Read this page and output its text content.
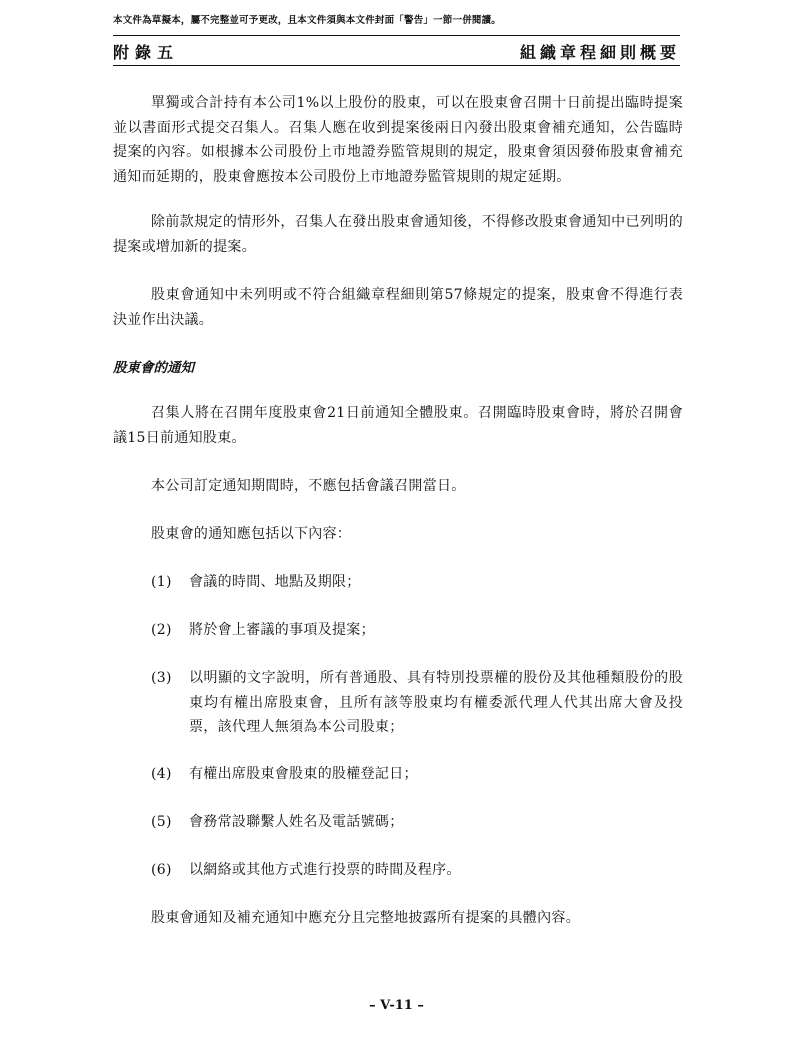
本文件為草擬本，屬不完整並可予更改，且本文件須與本文件封面「警告」一節一併閱讀。
附錄五	組織章程細則概要
單獨或合計持有本公司1%以上股份的股東，可以在股東會召開十日前提出臨時提案並以書面形式提交召集人。召集人應在收到提案後兩日內發出股東會補充通知，公告臨時提案的內容。如根據本公司股份上市地證券監管規則的規定，股東會須因發佈股東會補充通知而延期的，股東會應按本公司股份上市地證券監管規則的規定延期。
除前款規定的情形外，召集人在發出股東會通知後，不得修改股東會通知中已列明的提案或增加新的提案。
股東會通知中未列明或不符合組織章程細則第57條規定的提案，股東會不得進行表決並作出決議。
股東會的通知
召集人將在召開年度股東會21日前通知全體股東。召開臨時股東會時，將於召開會議15日前通知股東。
本公司訂定通知期間時，不應包括會議召開當日。
股東會的通知應包括以下內容：
(1) 會議的時間、地點及期限；
(2) 將於會上審議的事項及提案；
(3) 以明顯的文字說明，所有普通股、具有特別投票權的股份及其他種類股份的股東均有權出席股東會，且所有該等股東均有權委派代理人代其出席大會及投票，該代理人無須為本公司股東；
(4) 有權出席股東會股東的股權登記日；
(5) 會務常設聯繫人姓名及電話號碼；
(6) 以網絡或其他方式進行投票的時間及程序。
股東會通知及補充通知中應充分且完整地披露所有提案的具體內容。
– V-11 –
